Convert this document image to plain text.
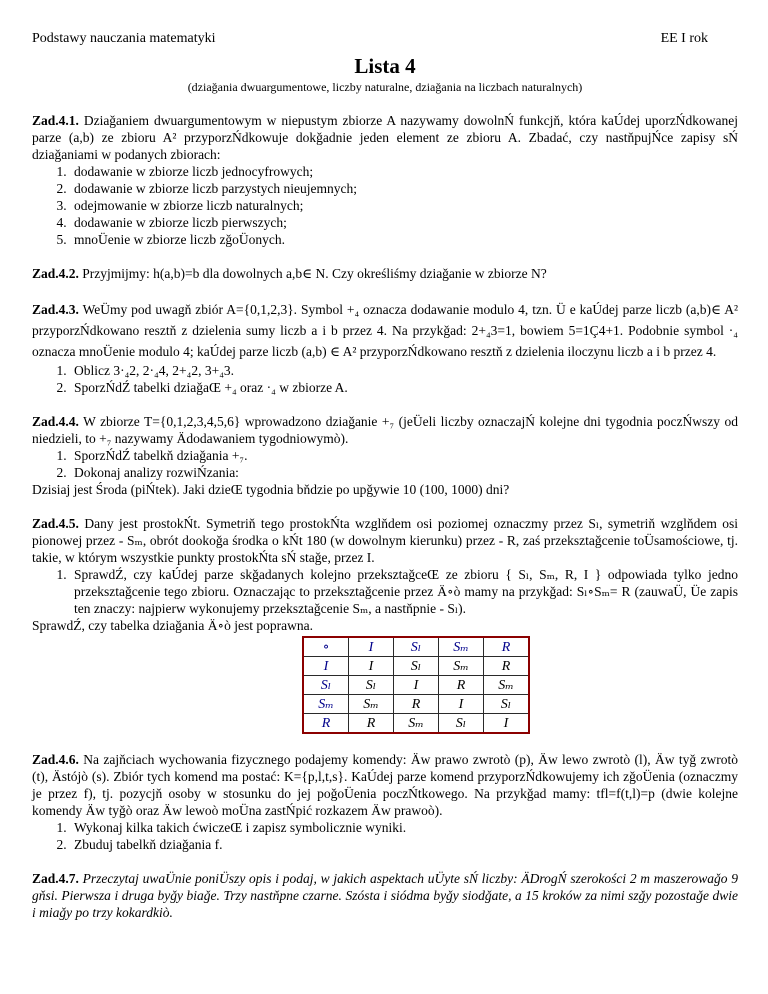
Podstawy nauczania matematyki	EE I rok
Lista 4
(dziaǧania dwuargumentowe, liczby naturalne, dziaǧania na liczbach naturalnych)

Zad.4.1. Dziaǧaniem dwuargumentowym w niepustym zbiorze A nazywamy dowolnŃ funkcjň, która kaÚdej uporzŃdkowanej parze (a,b) ze zbioru A² przyporzŃdkowuje dokǧadnie jeden element ze zbioru A. Zbadać, czy nastňpujŃce zapisy sŃ dziaǧaniami w podanych zbiorach:

1. dodawanie w zbiorze liczb jednocyfrowych;
2. dodawanie w zbiorze liczb parzystych nieujemnych;
3. odejmowanie w zbiorze liczb naturalnych;
4. dodawanie w zbiorze liczb pierwszych;
5. mnoÜenie w zbiorze liczb zǧoÜonych.

Zad.4.2. Przyjmijmy: h(a,b)=b dla dowolnych a,b∈ N. Czy określiśmy dziaǧanie w zbiorze N?

Zad.4.3. WeÜmy pod uwagň zbiór A={0,1,2,3}. Symbol +₄ oznacza dodawanie modulo 4, tzn. Ü e kaÚdej parze liczb (a,b)∈ A² przyporzŃdkowano resztň z dzielenia sumy liczb a i b przez 4. Na przykǧad: 2+₄3=1, bowiem 5=1Ç4+1. Podobnie symbol ·₄ oznacza mnoÜenie modulo 4; kaÚdej parze liczb (a,b) ∈ A² przyporzŃdkowano resztň z dzielenia iloczynu liczb a i b przez 4.

1. Oblicz 3·₄2, 2·₄4, 2+₄2, 3+₄3.
2. SporzŃdŹ tabelki dziaǧaŒ +₄ oraz ·₄ w zbiorze A.

Zad.4.4. W zbiorze T={0,1,2,3,4,5,6} wprowadzono dziaǧanie +₇ (jeÜeli liczby oznaczajŃ kolejne dni tygodnia poczŃwszy od niedzieli, to +₇ nazywamy Ädodawaniem tygodniowymò).

1. SporzŃdŹ tabelkň dziaǧania +₇.
2. Dokonaj analizy rozwiŃzania:

Dzisiaj jest Środa (piŃtek). Jaki dzieŒ tygodnia bňdzie po upǧywie 10 (100, 1000) dni?

Zad.4.5. Dany jest prostokŃt. Symetriň tego prostokŃta wzglňdem osi poziomej oznaczmy przez Sₗ, symetriň wzglňdem osi pionowej przez - Sₘ, obrót dookoǧa środka o kŃt 180 (w dowolnym kierunku) przez - R, zaś przeksztaǧcenie toÜsamościowe, tj. takie, w którym wszystkie punkty prostokŃta sŃ staǧe, przez I.

1. SprawdŹ, czy kaÚdej parze skǧadanych kolejno przeksztaǧceŒ ze zbioru { Sₗ, Sₘ, R, I } odpowiada tylko jedno przeksztaǧcenie tego zbioru. Oznaczając to przeksztaǧcenie przez Ä∘ò mamy na przykǧad: Sₗ∘Sₘ= R (zauwaÜ, Üe zapis ten znaczy: najpierw wykonujemy przeksztaǧcenie Sₘ, a nastňpnie - Sₗ).

SprawdŹ, czy tabelka dziaǧania Ä∘ò jest poprawna.

∘	I	Sₗ	Sₘ	R
I	I	Sₗ	Sₘ	R
Sₗ	Sₗ	I	R	Sₘ
Sₘ	Sₘ	R	I	Sₗ
R	R	Sₘ	Sₗ	I

Zad.4.6. Na zajňciach wychowania fizycznego podajemy komendy: Äw prawo zwrotò (p), Äw lewo zwrotò (l), Äw tyǧ zwrotò (t), Ästójò (s). Zbiór tych komend ma postać: K={p,l,t,s}. KaÚdej parze komend przyporzŃdkowujemy ich zǧoÜenia (oznaczmy je przez f), tj. pozycjň osoby w stosunku do jej poǧoÜenia poczŃtkowego. Na przykǧad mamy: tfl=f(t,l)=p (dwie kolejne komendy Äw tyǧò oraz Äw lewoò moÜna zastŃpić rozkazem Äw prawoò).

1. Wykonaj kilka takich ćwiczeŒ i zapisz symbolicznie wyniki.
2. Zbuduj tabelkň dziaǧania f.

Zad.4.7. Przeczytaj uwaÜnie poniÜszy opis i podaj, w jakich aspektach uÜyte sŃ liczby: ÄDrogŃ szerokości 2 m maszerowaǧo 9 gňsi. Pierwsza i druga byǧy biaǧe. Trzy nastňpne czarne. Szósta i siódma byǧy siodǧate, a 15 kroków za nimi szǧy pozostaǧe dwie i miaǧy po trzy kokardkiò.
